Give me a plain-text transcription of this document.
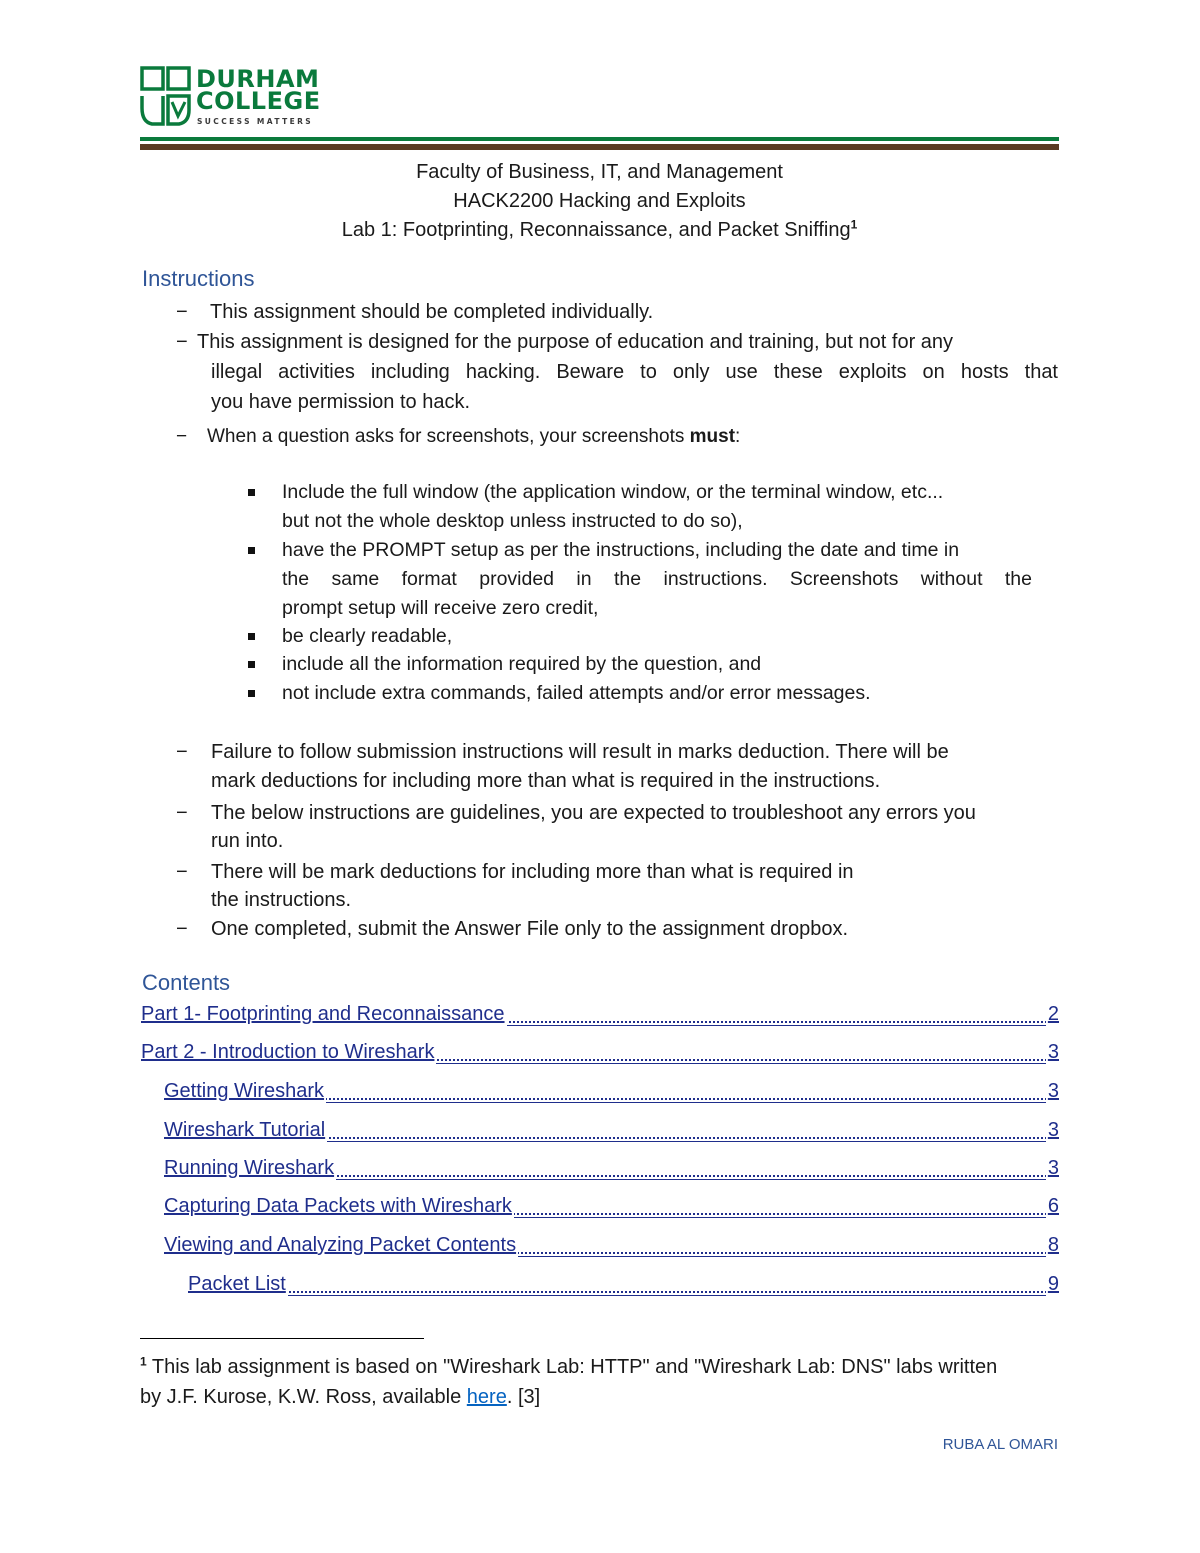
DURHAM
COLLEGE
SUCCESS MATTERS
Faculty of Business, IT, and Management
HACK2200 Hacking and Exploits
Lab 1: Footprinting, Reconnaissance, and Packet Sniffing$^1$
Instructions
− This assignment should be completed individually.
− This assignment is designed for the purpose of education and training, but not for any
illegal activities including hacking. Beware to only use these exploits on hosts that
you have permission to hack.
− When a question asks for screenshots, your screenshots must:
Include the full window (the application window, or the terminal window, etc...
but not the whole desktop unless instructed to do so),
have the PROMPT setup as per the instructions, including the date and time in
the same format provided in the instructions. Screenshots without the
prompt setup will receive zero credit,
be clearly readable,
include all the information required by the question, and
not include extra commands, failed attempts and/or error messages.
− Failure to follow submission instructions will result in marks deduction. There will be
mark deductions for including more than what is required in the instructions.
− The below instructions are guidelines, you are expected to troubleshoot any errors you
run into.
− There will be mark deductions for including more than what is required in
the instructions.
− One completed, submit the Answer File only to the assignment dropbox.
Contents
Part 1- Footprinting and Reconnaissance	2
Part 2 - Introduction to Wireshark	3
Getting Wireshark	3
Wireshark Tutorial	3
Running Wireshark	3
Capturing Data Packets with Wireshark	6
Viewing and Analyzing Packet Contents	8
Packet List	9
$^1$ This lab assignment is based on "Wireshark Lab: HTTP" and "Wireshark Lab: DNS" labs written
by J.F. Kurose, K.W. Ross, available here. [3]
RUBA AL OMARI
